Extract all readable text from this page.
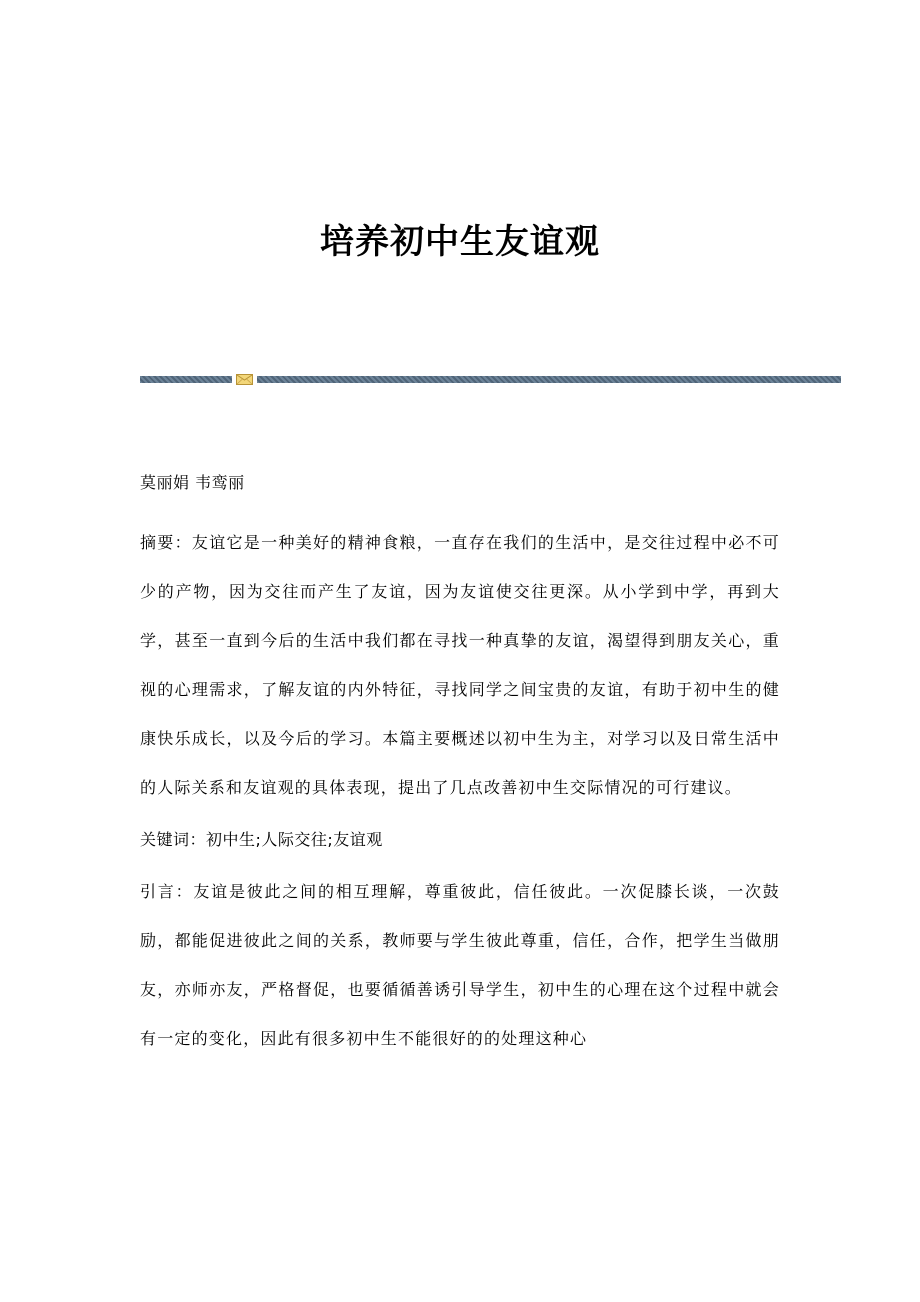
培养初中生友谊观

莫丽娟 韦鸾丽

摘要：友谊它是一种美好的精神食粮，一直存在我们的生活中，是交往过程中必不可少的产物，因为交往而产生了友谊，因为友谊使交往更深。从小学到中学，再到大学，甚至一直到今后的生活中我们都在寻找一种真挚的友谊，渴望得到朋友关心，重视的心理需求，了解友谊的内外特征，寻找同学之间宝贵的友谊，有助于初中生的健康快乐成长，以及今后的学习。本篇主要概述以初中生为主，对学习以及日常生活中的人际关系和友谊观的具体表现，提出了几点改善初中生交际情况的可行建议。

关键词：初中生;人际交往;友谊观

引言：友谊是彼此之间的相互理解，尊重彼此，信任彼此。一次促膝长谈，一次鼓励，都能促进彼此之间的关系，教师要与学生彼此尊重，信任，合作，把学生当做朋友，亦师亦友，严格督促，也要循循善诱引导学生，初中生的心理在这个过程中就会有一定的变化，因此有很多初中生不能很好的的处理这种心
